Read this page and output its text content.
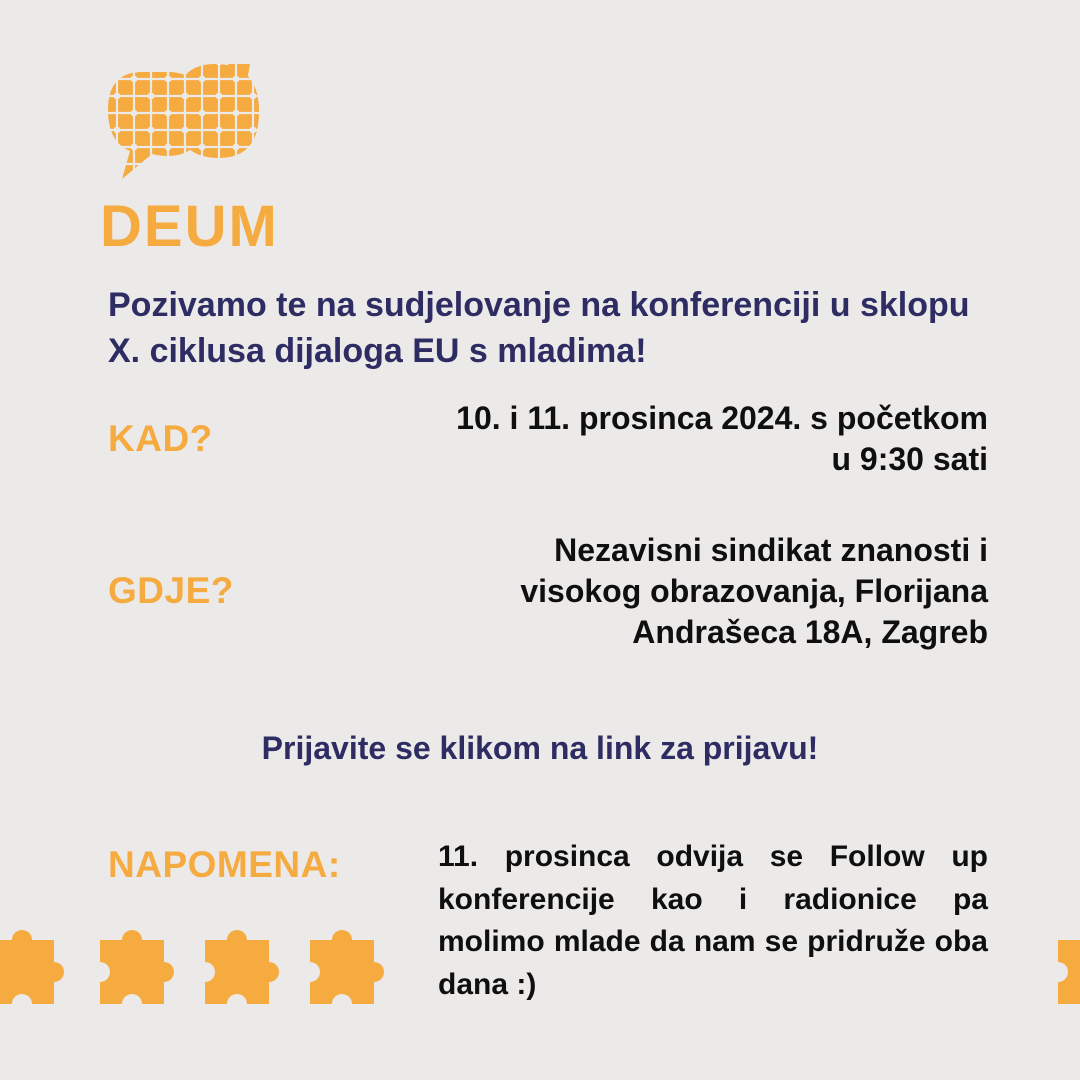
DEUM
Pozivamo te na sudjelovanje na konferenciji u sklopu X. ciklusa dijaloga EU s mladima!
KAD?	10. i 11. prosinca 2024. s početkom u 9:30 sati
GDJE?
Nezavisni sindikat znanosti i visokog obrazovanja, Florijana Andrašeca 18A, Zagreb
Prijavite se klikom na link za prijavu!
NAPOMENA:	11. prosinca odvija se Follow up konferencije kao i radionice pa molimo mlade da nam se pridruže oba dana :)
